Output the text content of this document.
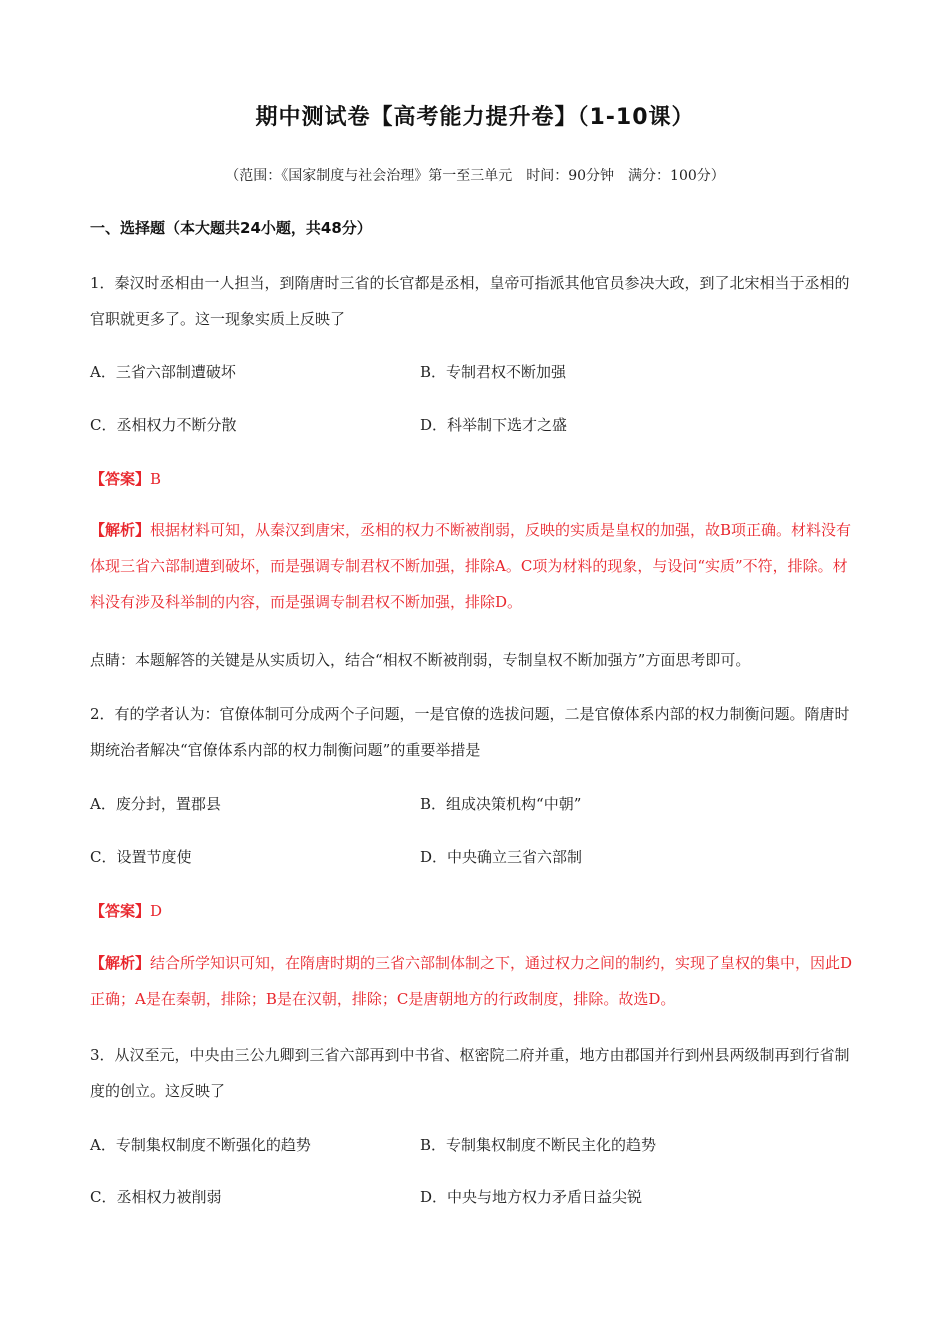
期中测试卷【高考能力提升卷】（1-10课）
（范围：《国家制度与社会治理》第一至三单元　时间：90分钟　满分：100分）
一、选择题（本大题共24小题，共48分）

1．秦汉时丞相由一人担当，到隋唐时三省的长官都是丞相，皇帝可指派其他官员参决大政，到了北宋相当于丞相的官职就更多了。这一现象实质上反映了

A．三省六部制遭破坏	B．专制君权不断加强
C．丞相权力不断分散	D．科举制下选才之盛
【答案】B

【解析】根据材料可知，从秦汉到唐宋，丞相的权力不断被削弱，反映的实质是皇权的加强，故B项正确。材料没有体现三省六部制遭到破坏，而是强调专制君权不断加强，排除A。C项为材料的现象，与设问“实质”不符，排除。材料没有涉及科举制的内容，而是强调专制君权不断加强，排除D。

点睛：本题解答的关键是从实质切入，结合“相权不断被削弱，专制皇权不断加强方”方面思考即可。

2．有的学者认为：官僚体制可分成两个子问题，一是官僚的选拔问题，二是官僚体系内部的权力制衡问题。隋唐时期统治者解决“官僚体系内部的权力制衡问题”的重要举措是

A．废分封，置郡县	B．组成决策机构“中朝”
C．设置节度使	D．中央确立三省六部制
【答案】D

【解析】结合所学知识可知，在隋唐时期的三省六部制体制之下，通过权力之间的制约，实现了皇权的集中，因此D正确；A是在秦朝，排除；B是在汉朝，排除；C是唐朝地方的行政制度，排除。故选D。

3．从汉至元，中央由三公九卿到三省六部再到中书省、枢密院二府并重，地方由郡国并行到州县两级制再到行省制度的创立。这反映了

A．专制集权制度不断强化的趋势	B．专制集权制度不断民主化的趋势
C．丞相权力被削弱	D．中央与地方权力矛盾日益尖锐
